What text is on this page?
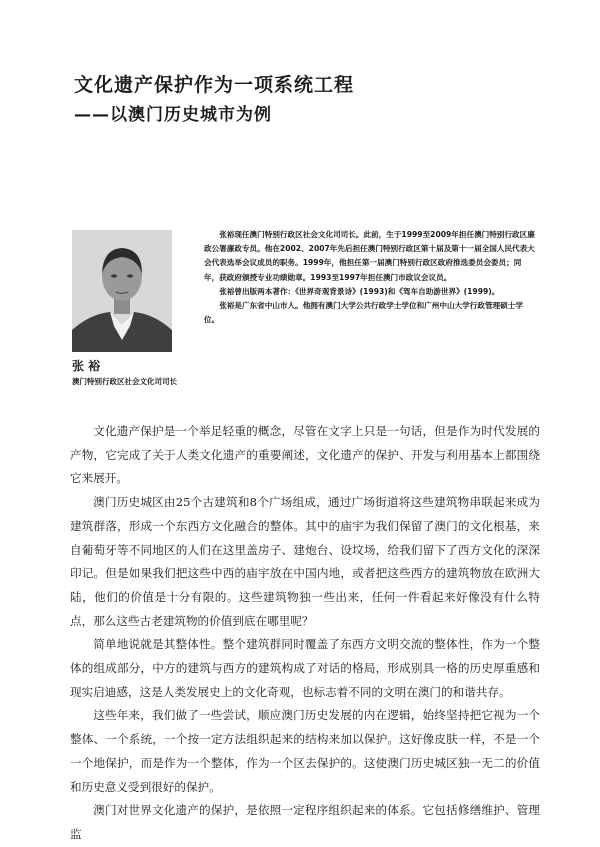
文化遗产保护作为一项系统工程
——以澳门历史城市为例
张 裕
澳门特别行政区社会文化司司长

张裕现任澳门特别行政区社会文化司司长。此前，生于1999至2009年担任澳门特别行政区廉政公署廉政专员。他在2002、2007年先后担任澳门特别行政区第十届及第十一届全国人民代表大会代表选举会议成员的职务。1999年，他担任第一届澳门特别行政区政府推选委员会委员；同年，获政府颁授专业功绩勋章。1993至1997年担任澳门市政议会议员。

张裕曾出版两本著作：《世界奇观背景诗》(1993)和《驾车自助游世界》(1999)。

张裕是广东省中山市人。他拥有澳门大学公共行政学士学位和广州中山大学行政管理硕士学位。

文化遗产保护是一个举足轻重的概念，尽管在文字上只是一句话，但是作为时代发展的产物，它完成了关于人类文化遗产的重要阐述，文化遗产的保护、开发与利用基本上都围绕它来展开。

澳门历史城区由25个古建筑和8个广场组成，通过广场街道将这些建筑物串联起来成为建筑群落，形成一个东西方文化融合的整体。其中的庙宇为我们保留了澳门的文化根基，来自葡萄牙等不同地区的人们在这里盖房子、建炮台、设坟场，给我们留下了西方文化的深深印记。但是如果我们把这些中西的庙宇放在中国内地，或者把这些西方的建筑物放在欧洲大陆，他们的价值是十分有限的。这些建筑物独一些出来，任何一件看起来好像没有什么特点，那么这些古老建筑物的价值到底在哪里呢？

简单地说就是其整体性。整个建筑群同时覆盖了东西方文明交流的整体性，作为一个整体的组成部分，中方的建筑与西方的建筑构成了对话的格局，形成别具一格的历史厚重感和现实启迪感，这是人类发展史上的文化奇观，也标志着不同的文明在澳门的和谐共存。

这些年来，我们做了一些尝试，顺应澳门历史发展的内在逻辑，始终坚持把它视为一个整体、一个系统，一个按一定方法组织起来的结构来加以保护。这好像皮肤一样，不是一个一个地保护，而是作为一个整体，作为一个区去保护的。这使澳门历史城区独一无二的价值和历史意义受到很好的保护。

澳门对世界文化遗产的保护，是依照一定程序组织起来的体系。它包括修缮维护、管理监
